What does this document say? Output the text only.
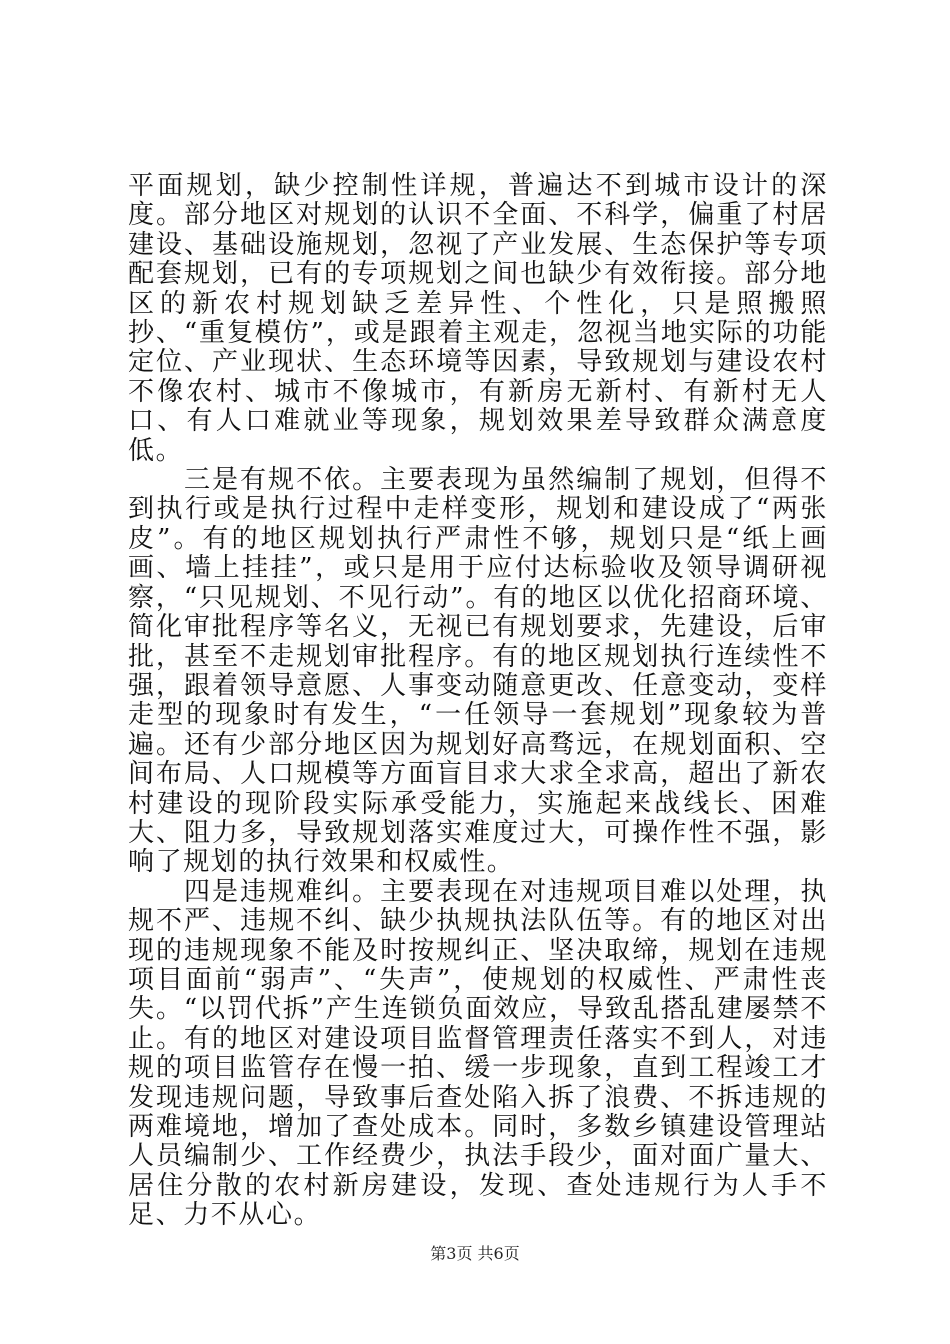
平面规划，缺少控制性详规，普遍达不到城市设计的深度。部分地区对规划的认识不全面、不科学，偏重了村居建设、基础设施规划，忽视了产业发展、生态保护等专项配套规划，已有的专项规划之间也缺少有效衔接。部分地区的新农村规划缺乏差异性、个性化，只是照搬照抄、“重复模仿”，或是跟着主观走，忽视当地实际的功能定位、产业现状、生态环境等因素，导致规划与建设农村不像农村、城市不像城市，有新房无新村、有新村无人口、有人口难就业等现象，规划效果差导致群众满意度低。

三是有规不依。主要表现为虽然编制了规划，但得不到执行或是执行过程中走样变形，规划和建设成了“两张皮”。有的地区规划执行严肃性不够，规划只是“纸上画画、墙上挂挂”，或只是用于应付达标验收及领导调研视察，“只见规划、不见行动”。有的地区以优化招商环境、简化审批程序等名义，无视已有规划要求，先建设，后审批，甚至不走规划审批程序。有的地区规划执行连续性不强，跟着领导意愿、人事变动随意更改、任意变动，变样走型的现象时有发生，“一任领导一套规划”现象较为普遍。还有少部分地区因为规划好高骛远，在规划面积、空间布局、人口规模等方面盲目求大求全求高，超出了新农村建设的现阶段实际承受能力，实施起来战线长、困难大、阻力多，导致规划落实难度过大，可操作性不强，影响了规划的执行效果和权威性。

四是违规难纠。主要表现在对违规项目难以处理，执规不严、违规不纠、缺少执规执法队伍等。有的地区对出现的违规现象不能及时按规纠正、坚决取缔，规划在违规项目面前“弱声”、“失声”，使规划的权威性、严肃性丧失。“以罚代拆”产生连锁负面效应，导致乱搭乱建屡禁不止。有的地区对建设项目监督管理责任落实不到人，对违规的项目监管存在慢一拍、缓一步现象，直到工程竣工才发现违规问题，导致事后查处陷入拆了浪费、不拆违规的两难境地，增加了查处成本。同时，多数乡镇建设管理站人员编制少、工作经费少，执法手段少，面对面广量大、居住分散的农村新房建设，发现、查处违规行为人手不足、力不从心。

第3页 共6页
